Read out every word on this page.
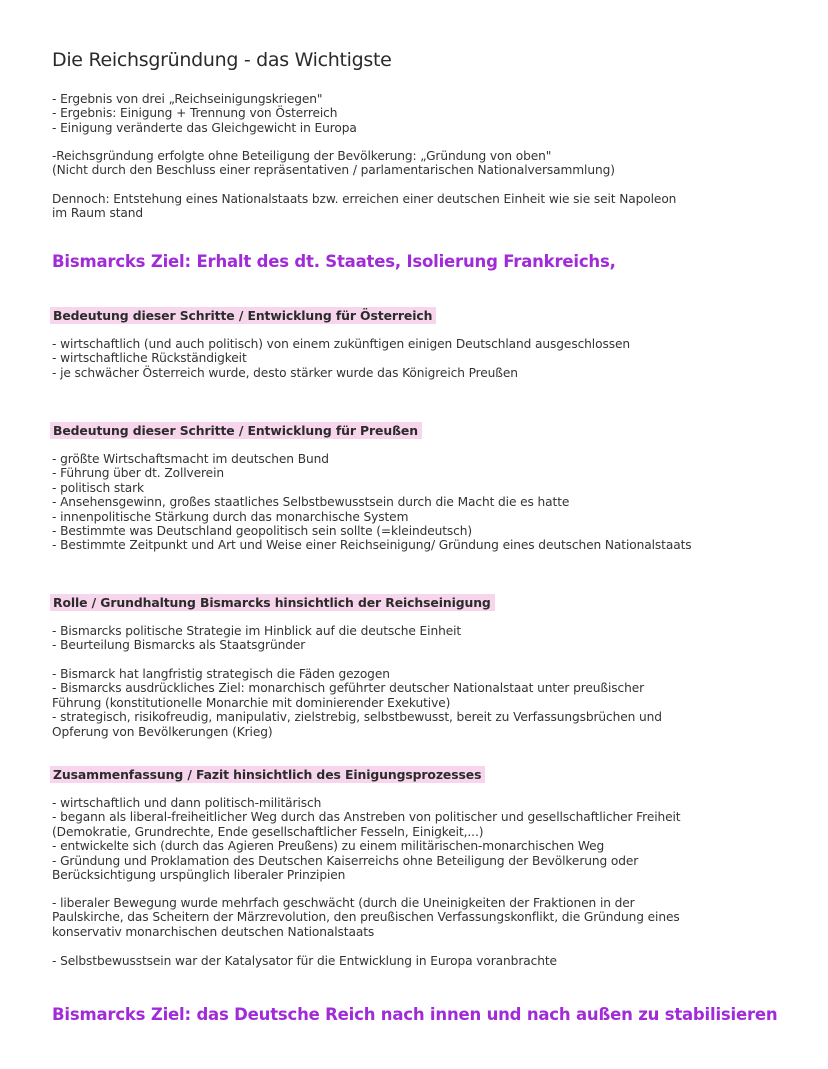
Die Reichsgründung - das Wichtigste
- Ergebnis von drei „Reichseinigungskriegen"
- Ergebnis: Einigung + Trennung von Österreich
- Einigung veränderte das Gleichgewicht in Europa
-Reichsgründung erfolgte ohne Beteiligung der Bevölkerung: „Gründung von oben"
(Nicht durch den Beschluss einer repräsentativen / parlamentarischen Nationalversammlung)
Dennoch: Entstehung eines Nationalstaats bzw. erreichen einer deutschen Einheit wie sie seit Napoleon
im Raum stand
Bismarcks Ziel: Erhalt des dt. Staates, Isolierung Frankreichs,
Bedeutung dieser Schritte / Entwicklung für Österreich
- wirtschaftlich (und auch politisch) von einem zukünftigen einigen Deutschland ausgeschlossen
- wirtschaftliche Rückständigkeit
- je schwächer Österreich wurde, desto stärker wurde das Königreich Preußen
Bedeutung dieser Schritte / Entwicklung für Preußen
- größte Wirtschaftsmacht im deutschen Bund
- Führung über dt. Zollverein
- politisch stark
- Ansehensgewinn, großes staatliches Selbstbewusstsein durch die Macht die es hatte
- innenpolitische Stärkung durch das monarchische System
- Bestimmte was Deutschland geopolitisch sein sollte (=kleindeutsch)
- Bestimmte Zeitpunkt und Art und Weise einer Reichseinigung/ Gründung eines deutschen Nationalstaats
Rolle / Grundhaltung Bismarcks hinsichtlich der Reichseinigung
- Bismarcks politische Strategie im Hinblick auf die deutsche Einheit
- Beurteilung Bismarcks als Staatsgründer
- Bismarck hat langfristig strategisch die Fäden gezogen
- Bismarcks ausdrückliches Ziel: monarchisch geführter deutscher Nationalstaat unter preußischer
Führung (konstitutionelle Monarchie mit dominierender Exekutive)
- strategisch, risikofreudig, manipulativ, zielstrebig, selbstbewusst, bereit zu Verfassungsbrüchen und
Opferung von Bevölkerungen (Krieg)
Zusammenfassung / Fazit hinsichtlich des Einigungsprozesses
- wirtschaftlich und dann politisch-militärisch
- begann als liberal-freiheitlicher Weg durch das Anstreben von politischer und gesellschaftlicher Freiheit
(Demokratie, Grundrechte, Ende gesellschaftlicher Fesseln, Einigkeit,...)
- entwickelte sich (durch das Agieren Preußens) zu einem militärischen-monarchischen Weg
- Gründung und Proklamation des Deutschen Kaiserreichs ohne Beteiligung der Bevölkerung oder
Berücksichtigung urspünglich liberaler Prinzipien
- liberaler Bewegung wurde mehrfach geschwächt (durch die Uneinigkeiten der Fraktionen in der
Paulskirche, das Scheitern der Märzrevolution, den preußischen Verfassungskonflikt, die Gründung eines
konservativ monarchischen deutschen Nationalstaats
- Selbstbewusstsein war der Katalysator für die Entwicklung in Europa voranbrachte
Bismarcks Ziel: das Deutsche Reich nach innen und nach außen zu stabilisieren
